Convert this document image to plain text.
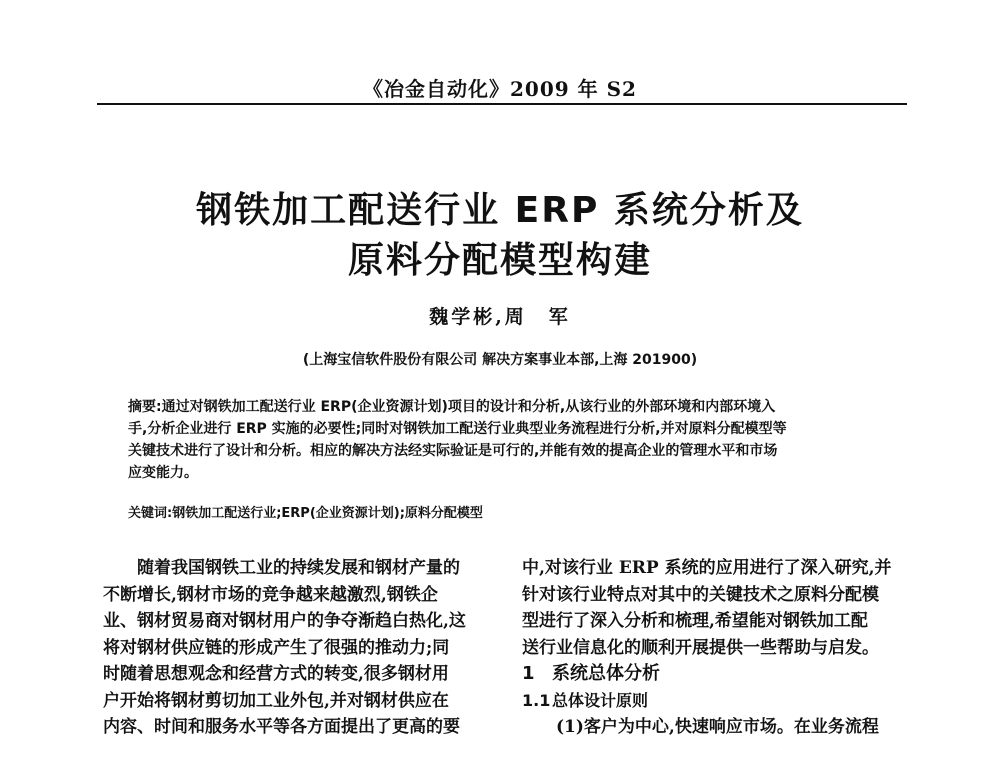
《冶金自动化》2009 年 S2
钢铁加工配送行业 ERP 系统分析及
原料分配模型构建
魏学彬,周　军
(上海宝信软件股份有限公司 解决方案事业本部,上海 201900)
摘要:通过对钢铁加工配送行业 ERP(企业资源计划)项目的设计和分析,从该行业的外部环境和内部环境入
手,分析企业进行 ERP 实施的必要性;同时对钢铁加工配送行业典型业务流程进行分析,并对原料分配模型等
关键技术进行了设计和分析。相应的解决方法经实际验证是可行的,并能有效的提高企业的管理水平和市场
应变能力。
关键词:钢铁加工配送行业;ERP(企业资源计划);原料分配模型
随着我国钢铁工业的持续发展和钢材产量的
不断增长,钢材市场的竞争越来越激烈,钢铁企
业、钢材贸易商对钢材用户的争夺渐趋白热化,这
将对钢材供应链的形成产生了很强的推动力;同
时随着思想观念和经营方式的转变,很多钢材用
户开始将钢材剪切加工业外包,并对钢材供应在
内容、时间和服务水平等各方面提出了更高的要
中,对该行业 ERP 系统的应用进行了深入研究,并
针对该行业特点对其中的关键技术之原料分配模
型进行了深入分析和梳理,希望能对钢铁加工配
送行业信息化的顺利开展提供一些帮助与启发。
1 系统总体分析
1.1 总体设计原则
(1)客户为中心,快速响应市场。在业务流程
